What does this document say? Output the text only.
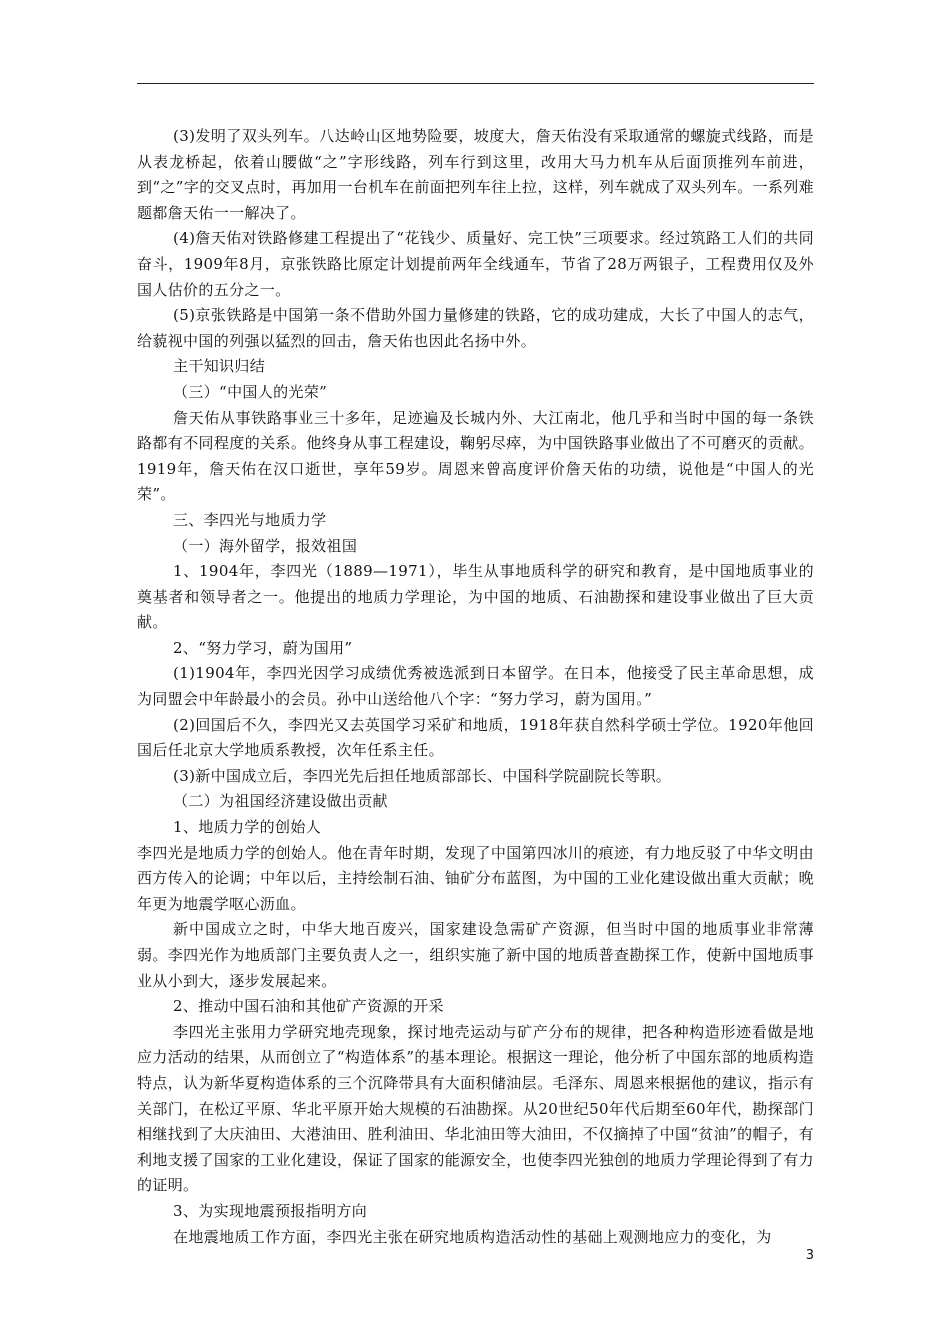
(3)发明了双头列车。八达岭山区地势险要，坡度大，詹天佑没有采取通常的螺旋式线路，而是从表龙桥起，依着山腰做“之”字形线路，列车行到这里，改用大马力机车从后面顶推列车前进，到“之”字的交叉点时，再加用一台机车在前面把列车往上拉，这样，列车就成了双头列车。一系列难题都詹天佑一一解决了。

(4)詹天佑对铁路修建工程提出了“花钱少、质量好、完工快”三项要求。经过筑路工人们的共同奋斗，1909年8月，京张铁路比原定计划提前两年全线通车，节省了28万两银子，工程费用仅及外国人估价的五分之一。

(5)京张铁路是中国第一条不借助外国力量修建的铁路，它的成功建成，大长了中国人的志气，给藐视中国的列强以猛烈的回击，詹天佑也因此名扬中外。

主干知识归结

（三）“中国人的光荣”

詹天佑从事铁路事业三十多年，足迹遍及长城内外、大江南北，他几乎和当时中国的每一条铁路都有不同程度的关系。他终身从事工程建设，鞠躬尽瘁，为中国铁路事业做出了不可磨灭的贡献。1919年，詹天佑在汉口逝世，享年59岁。周恩来曾高度评价詹天佑的功绩，说他是“中国人的光荣”。

三、李四光与地质力学

（一）海外留学，报效祖国

1、1904年，李四光（1889—1971），毕生从事地质科学的研究和教育，是中国地质事业的奠基者和领导者之一。他提出的地质力学理论，为中国的地质、石油勘探和建设事业做出了巨大贡献。

2、“努力学习，蔚为国用”

(1)1904年，李四光因学习成绩优秀被选派到日本留学。在日本，他接受了民主革命思想，成为同盟会中年龄最小的会员。孙中山送给他八个字：“努力学习，蔚为国用。”

(2)回国后不久，李四光又去英国学习采矿和地质，1918年获自然科学硕士学位。1920年他回国后任北京大学地质系教授，次年任系主任。

(3)新中国成立后，李四光先后担任地质部部长、中国科学院副院长等职。

（二）为祖国经济建设做出贡献

1、地质力学的创始人

李四光是地质力学的创始人。他在青年时期，发现了中国第四冰川的痕迹，有力地反驳了中华文明由西方传入的论调；中年以后，主持绘制石油、铀矿分布蓝图，为中国的工业化建设做出重大贡献；晚年更为地震学呕心沥血。

新中国成立之时，中华大地百废兴，国家建设急需矿产资源，但当时中国的地质事业非常薄弱。李四光作为地质部门主要负责人之一，组织实施了新中国的地质普查勘探工作，使新中国地质事业从小到大，逐步发展起来。

2、推动中国石油和其他矿产资源的开采

李四光主张用力学研究地壳现象，探讨地壳运动与矿产分布的规律，把各种构造形迹看做是地应力活动的结果，从而创立了“构造体系”的基本理论。根据这一理论，他分析了中国东部的地质构造特点，认为新华夏构造体系的三个沉降带具有大面积储油层。毛泽东、周恩来根据他的建议，指示有关部门，在松辽平原、华北平原开始大规模的石油勘探。从20世纪50年代后期至60年代，勘探部门相继找到了大庆油田、大港油田、胜利油田、华北油田等大油田，不仅摘掉了中国“贫油”的帽子，有利地支援了国家的工业化建设，保证了国家的能源安全，也使李四光独创的地质力学理论得到了有力的证明。

3、为实现地震预报指明方向

在地震地质工作方面，李四光主张在研究地质构造活动性的基础上观测地应力的变化，为

3
